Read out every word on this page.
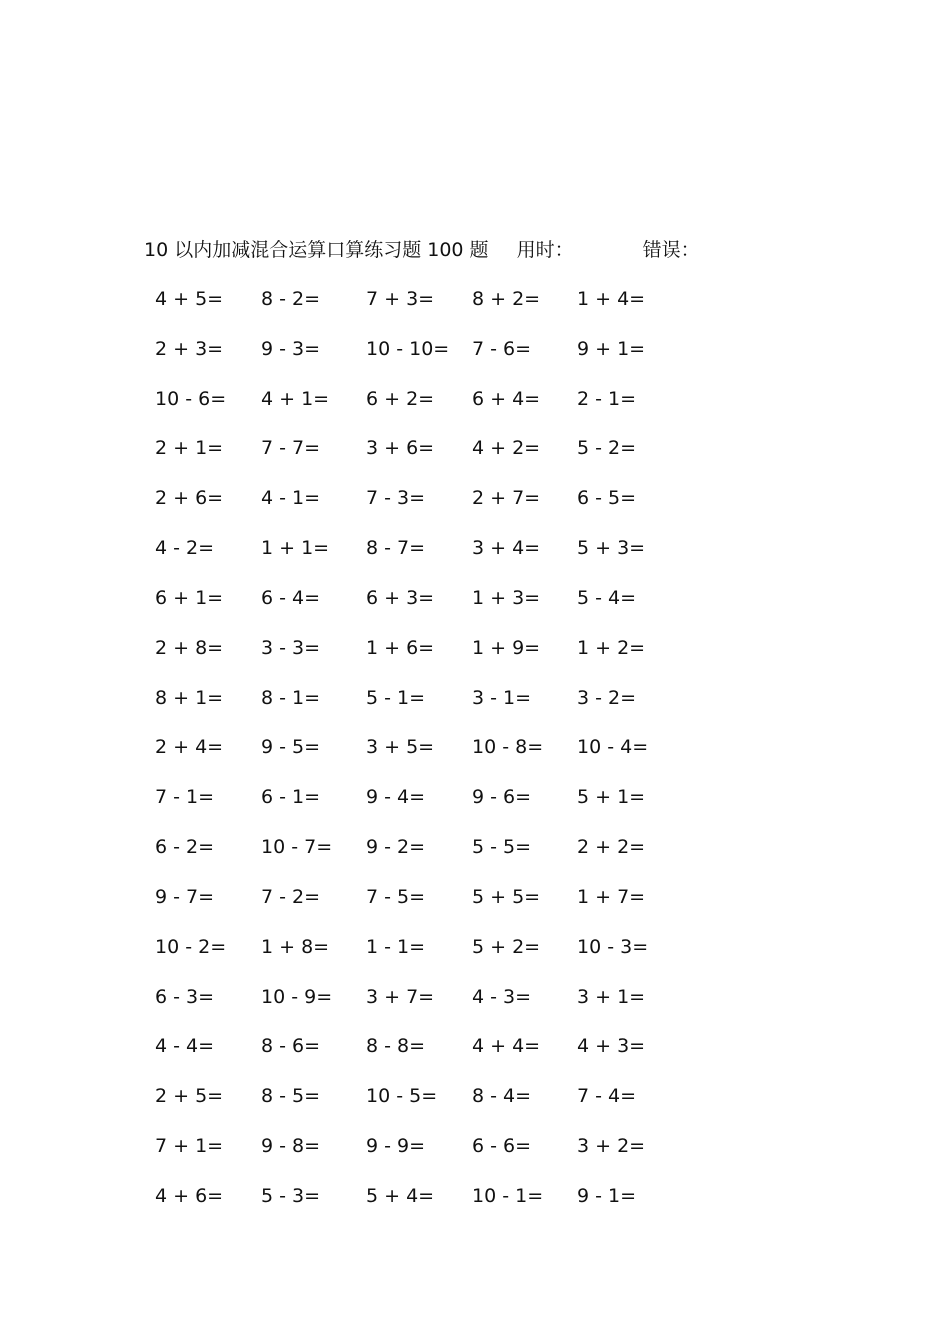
10 以内加减混合运算口算练习题 100 题 用时：	错误：
4 + 5= 8 - 2= 7 + 3= 8 + 2= 1 + 4=
2 + 3= 9 - 3= 10 - 10= 7 - 6= 9 + 1=
10 - 6= 4 + 1= 6 + 2= 6 + 4= 2 - 1=
2 + 1= 7 - 7= 3 + 6= 4 + 2= 5 - 2=
2 + 6= 4 - 1= 7 - 3= 2 + 7= 6 - 5=
4 - 2= 1 + 1= 8 - 7= 3 + 4= 5 + 3=
6 + 1= 6 - 4= 6 + 3= 1 + 3= 5 - 4=
2 + 8= 3 - 3= 1 + 6= 1 + 9= 1 + 2=
8 + 1= 8 - 1= 5 - 1= 3 - 1= 3 - 2=
2 + 4= 9 - 5= 3 + 5= 10 - 8= 10 - 4=
7 - 1= 6 - 1= 9 - 4= 9 - 6= 5 + 1=
6 - 2= 10 - 7= 9 - 2= 5 - 5= 2 + 2=
9 - 7= 7 - 2= 7 - 5= 5 + 5= 1 + 7=
10 - 2= 1 + 8= 1 - 1= 5 + 2= 10 - 3=
6 - 3= 10 - 9= 3 + 7= 4 - 3= 3 + 1=
4 - 4= 8 - 6= 8 - 8= 4 + 4= 4 + 3=
2 + 5= 8 - 5= 10 - 5= 8 - 4= 7 - 4=
7 + 1= 9 - 8= 9 - 9= 6 - 6= 3 + 2=
4 + 6= 5 - 3= 5 + 4= 10 - 1= 9 - 1=
